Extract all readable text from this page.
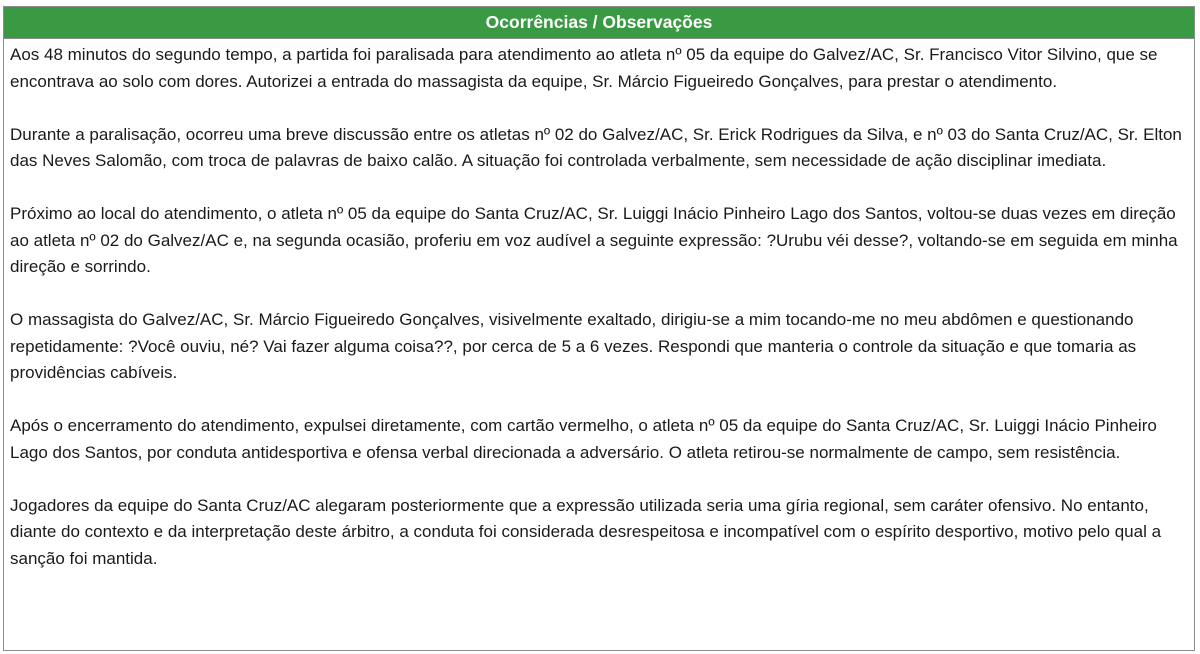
Ocorrências / Observações

Aos 48 minutos do segundo tempo, a partida foi paralisada para atendimento ao atleta nº 05 da equipe do Galvez/AC, Sr. Francisco Vitor Silvino, que se encontrava ao solo com dores. Autorizei a entrada do massagista da equipe, Sr. Márcio Figueiredo Gonçalves, para prestar o atendimento.

Durante a paralisação, ocorreu uma breve discussão entre os atletas nº 02 do Galvez/AC, Sr. Erick Rodrigues da Silva, e nº 03 do Santa Cruz/AC, Sr. Elton das Neves Salomão, com troca de palavras de baixo calão. A situação foi controlada verbalmente, sem necessidade de ação disciplinar imediata.

Próximo ao local do atendimento, o atleta nº 05 da equipe do Santa Cruz/AC, Sr. Luiggi Inácio Pinheiro Lago dos Santos, voltou-se duas vezes em direção ao atleta nº 02 do Galvez/AC e, na segunda ocasião, proferiu em voz audível a seguinte expressão: ?Urubu véi desse?, voltando-se em seguida em minha direção e sorrindo.

O massagista do Galvez/AC, Sr. Márcio Figueiredo Gonçalves, visivelmente exaltado, dirigiu-se a mim tocando-me no meu abdômen e questionando repetidamente: ?Você ouviu, né? Vai fazer alguma coisa??, por cerca de 5 a 6 vezes. Respondi que manteria o controle da situação e que tomaria as providências cabíveis.

Após o encerramento do atendimento, expulsei diretamente, com cartão vermelho, o atleta nº 05 da equipe do Santa Cruz/AC, Sr. Luiggi Inácio Pinheiro Lago dos Santos, por conduta antidesportiva e ofensa verbal direcionada a adversário. O atleta retirou-se normalmente de campo, sem resistência.

Jogadores da equipe do Santa Cruz/AC alegaram posteriormente que a expressão utilizada seria uma gíria regional, sem caráter ofensivo. No entanto, diante do contexto e da interpretação deste árbitro, a conduta foi considerada desrespeitosa e incompatível com o espírito desportivo, motivo pelo qual a sanção foi mantida.
